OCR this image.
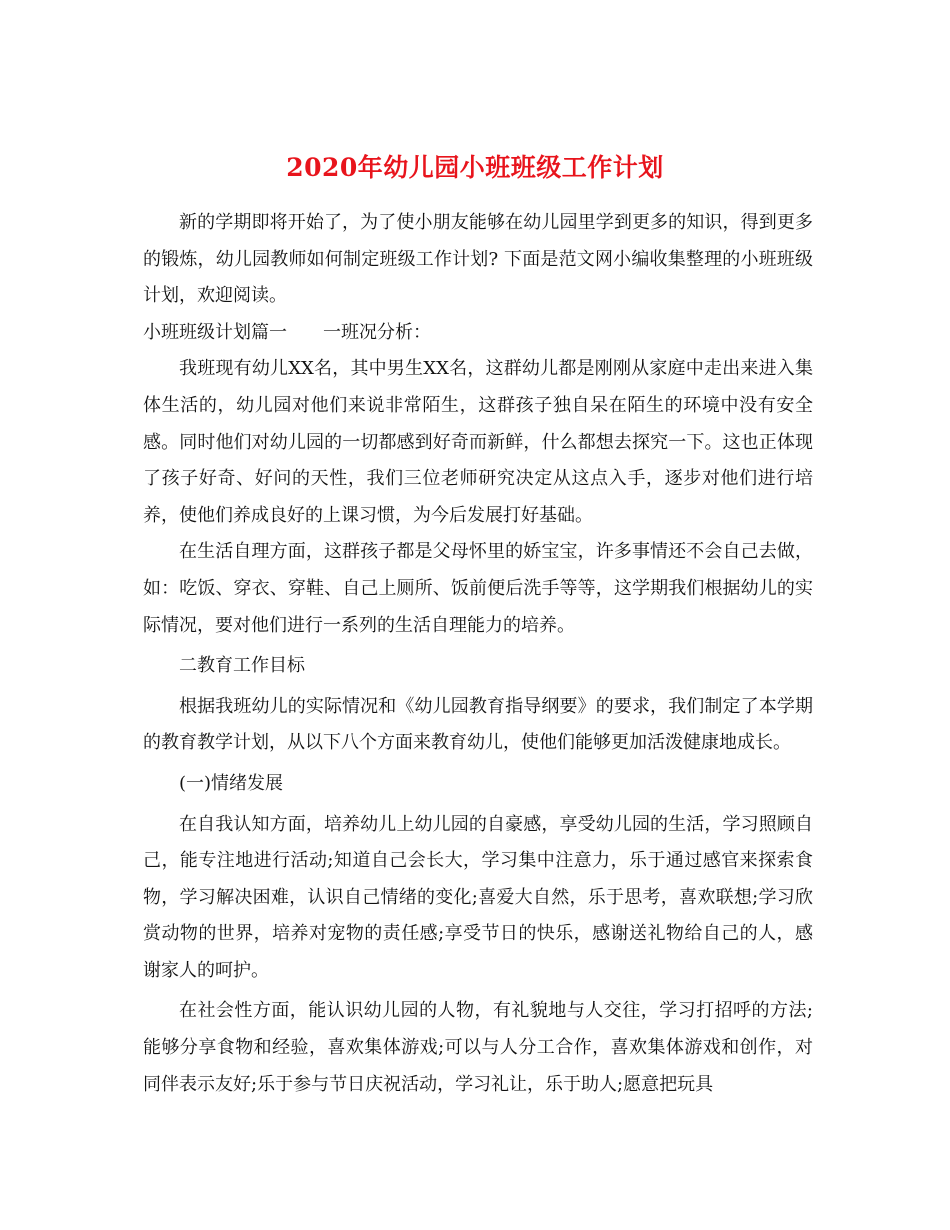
2020年幼儿园小班班级工作计划

新的学期即将开始了，为了使小朋友能够在幼儿园里学到更多的知识，得到更多的锻炼，幼儿园教师如何制定班级工作计划? 下面是范文网小编收集整理的小班班级计划，欢迎阅读。

小班班级计划篇一　　一班况分析：

我班现有幼儿XX名，其中男生XX名，这群幼儿都是刚刚从家庭中走出来进入集体生活的，幼儿园对他们来说非常陌生，这群孩子独自呆在陌生的环境中没有安全感。同时他们对幼儿园的一切都感到好奇而新鲜，什么都想去探究一下。这也正体现了孩子好奇、好问的天性，我们三位老师研究决定从这点入手，逐步对他们进行培养，使他们养成良好的上课习惯，为今后发展打好基础。

在生活自理方面，这群孩子都是父母怀里的娇宝宝，许多事情还不会自己去做，如：吃饭、穿衣、穿鞋、自己上厕所、饭前便后洗手等等，这学期我们根据幼儿的实际情况，要对他们进行一系列的生活自理能力的培养。

二教育工作目标

根据我班幼儿的实际情况和《幼儿园教育指导纲要》的要求，我们制定了本学期的教育教学计划，从以下八个方面来教育幼儿，使他们能够更加活泼健康地成长。

(一)情绪发展

在自我认知方面，培养幼儿上幼儿园的自豪感，享受幼儿园的生活，学习照顾自己，能专注地进行活动;知道自己会长大，学习集中注意力，乐于通过感官来探索食物，学习解决困难，认识自己情绪的变化;喜爱大自然，乐于思考，喜欢联想;学习欣赏动物的世界，培养对宠物的责任感;享受节日的快乐，感谢送礼物给自己的人，感谢家人的呵护。

在社会性方面，能认识幼儿园的人物，有礼貌地与人交往，学习打招呼的方法;能够分享食物和经验，喜欢集体游戏;可以与人分工合作，喜欢集体游戏和创作，对同伴表示友好;乐于参与节日庆祝活动，学习礼让，乐于助人;愿意把玩具
